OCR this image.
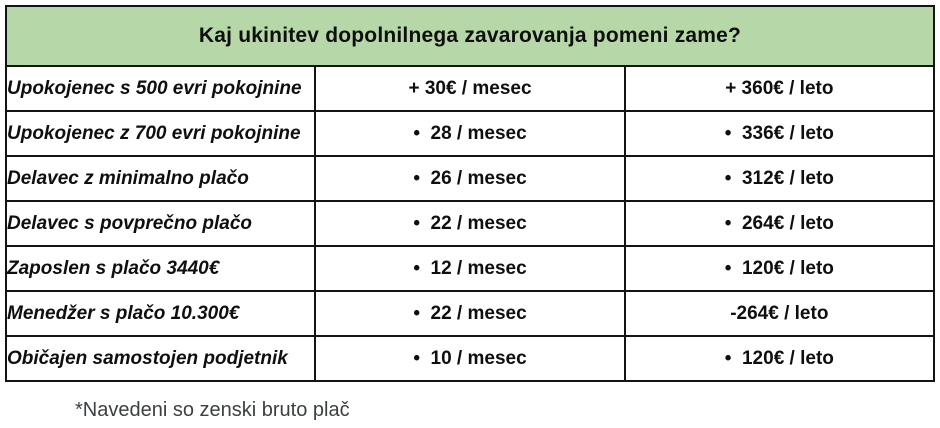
Kaj ukinitev dopolnilnega zavarovanja pomeni zame?		
Upokojenec s 500 evri pokojnine	+ 30€ / mesec	+ 360€ / leto
Upokojenec z 700 evri pokojnine	•  28 / mesec	•  336€ / leto
Delavec z minimalno plačo	•  26 / mesec	•  312€ / leto
Delavec s povprečno plačo	•  22 / mesec	•  264€ / leto
Zaposlen s plačo 3440€	•  12 / mesec	•  120€ / leto
Menedžer s plačo 10.300€	•  22 / mesec	-264€ / leto
Običajen samostojen podjetnik	•  10 / mesec	•  120€ / leto
*Navedeni so zenski bruto plač
